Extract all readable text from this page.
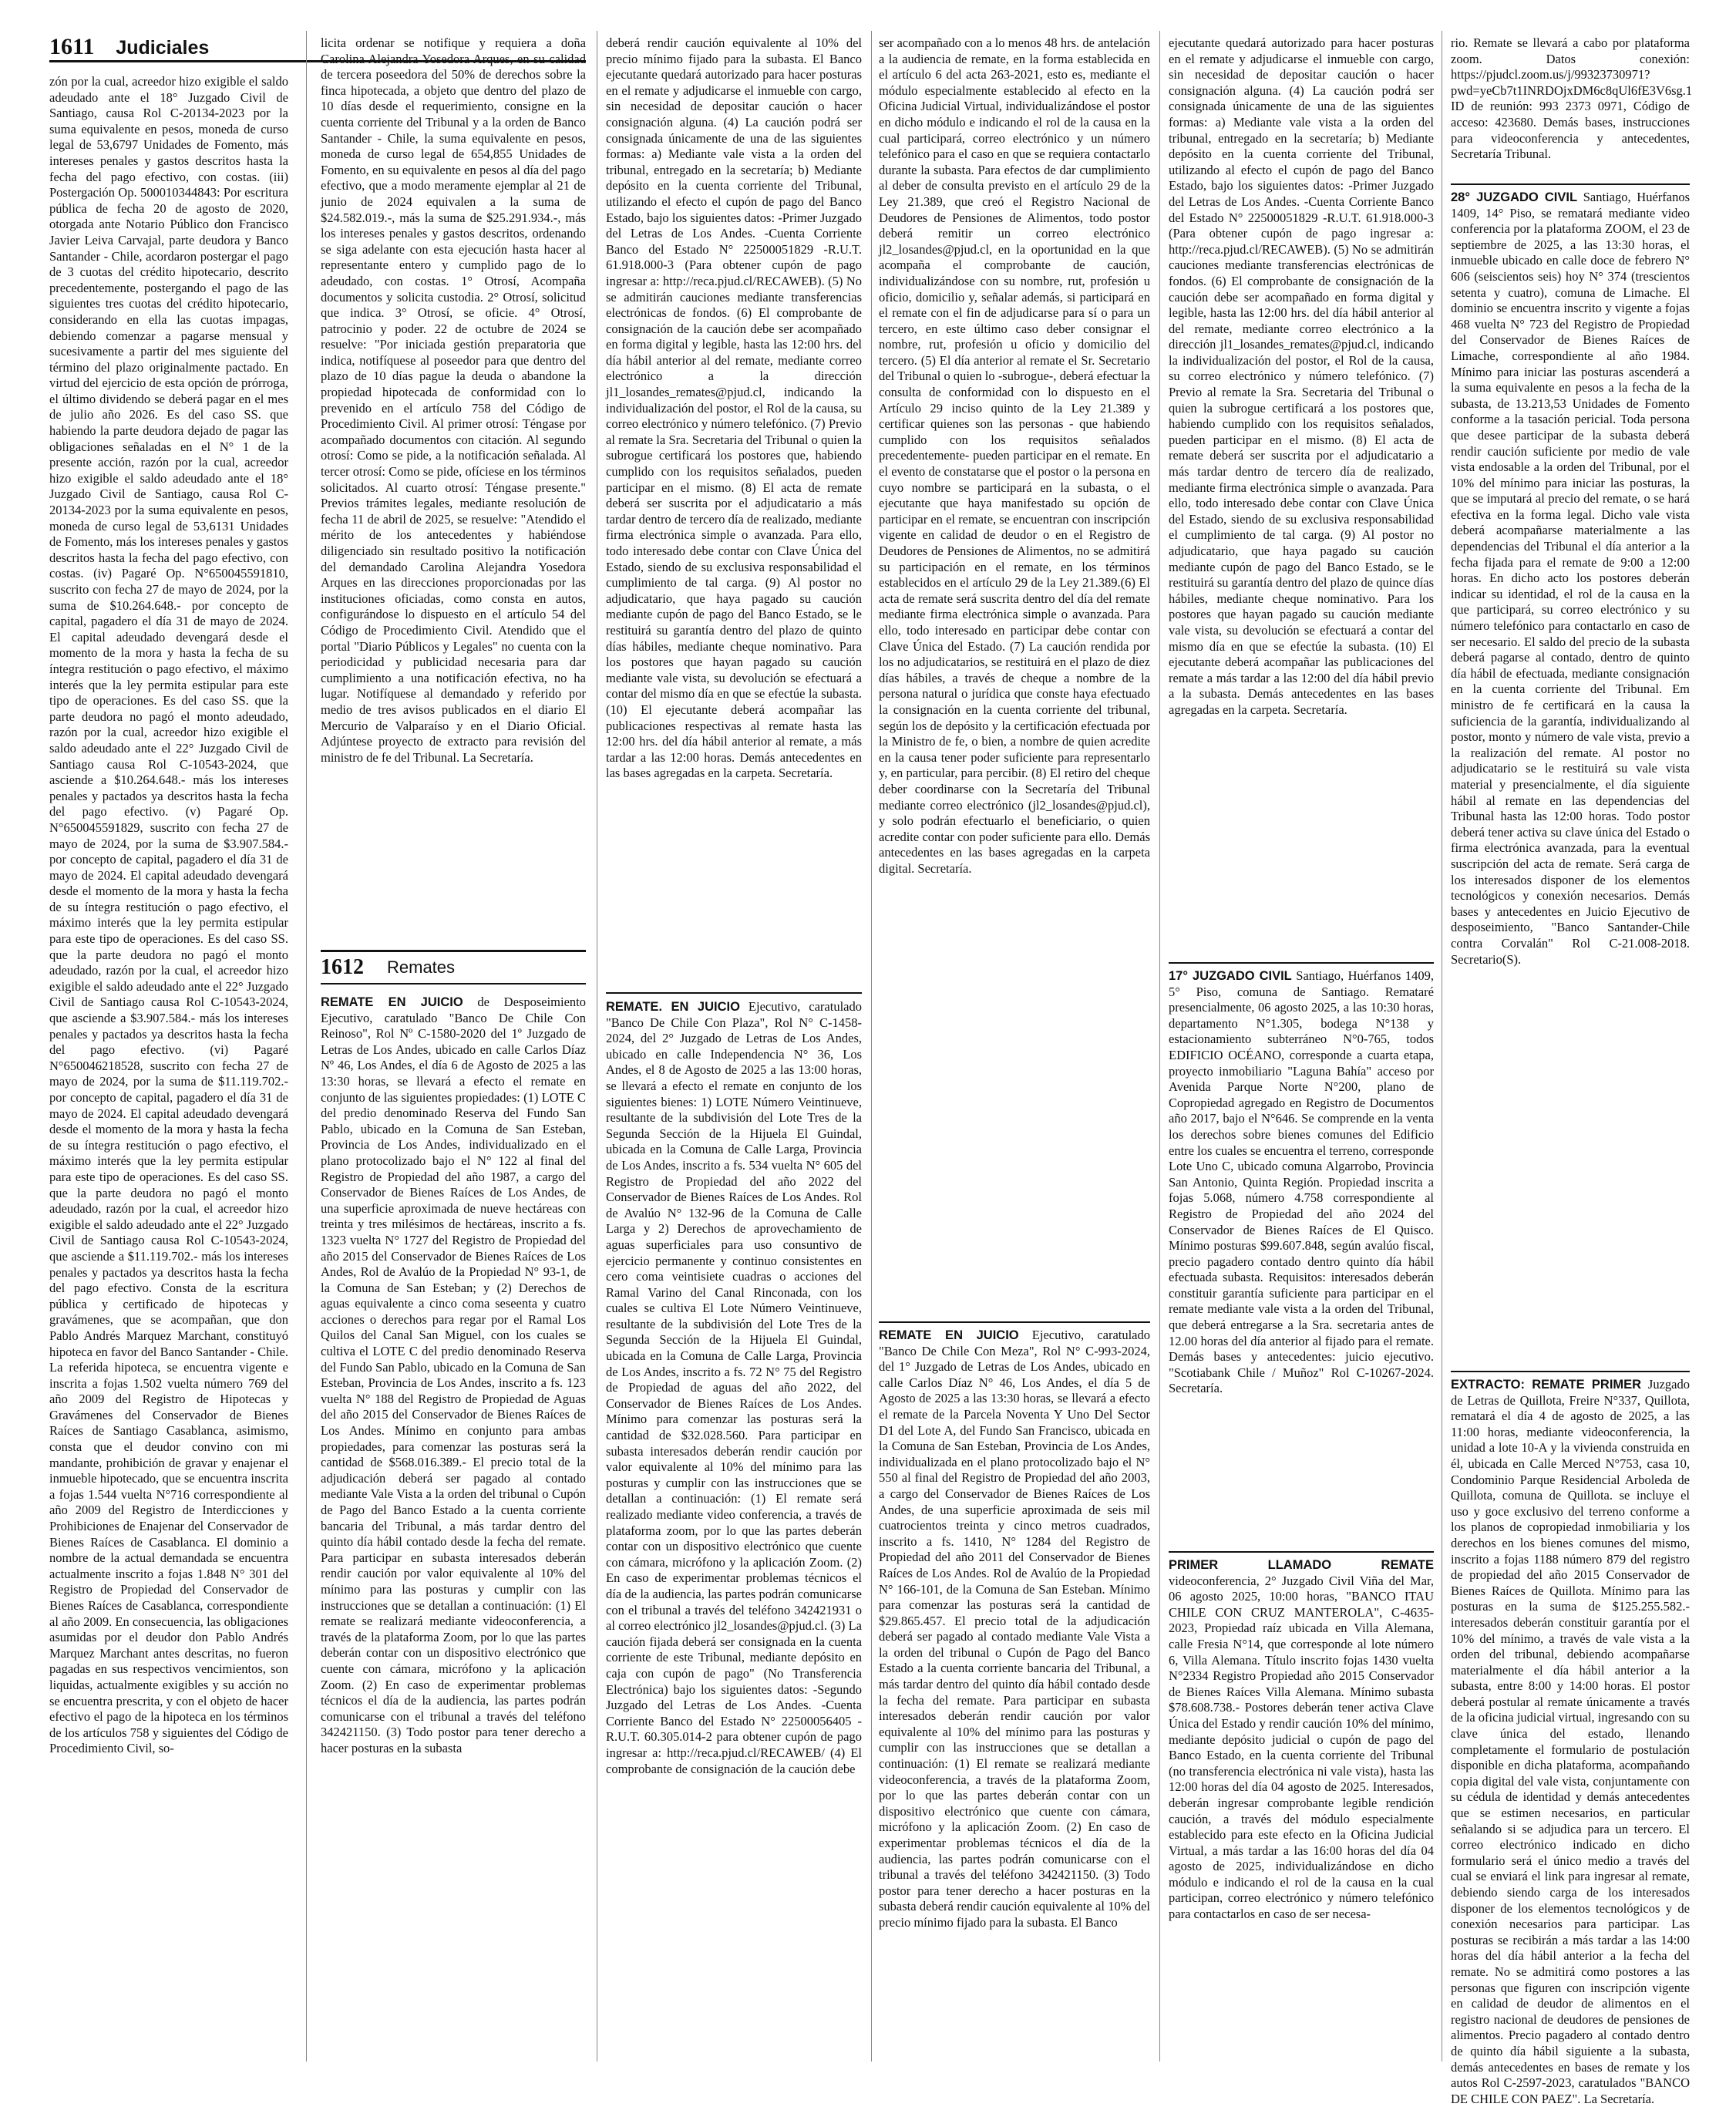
1611 Judiciales

zón por la cual, acreedor hizo exigible el saldo adeudado ante el 18° Juzgado Civil de Santiago, causa Rol C-20134-2023 por la suma equivalente en pesos, moneda de curso legal de 53,6797 Unidades de Fomento, más intereses penales y gastos descritos hasta la fecha del pago efectivo, con costas. (iii) Postergación Op. 500010344843: Por escritura pública de fecha 20 de agosto de 2020, otorgada ante Notario Público don Francisco Javier Leiva Carvajal, parte deudora y Banco Santander - Chile, acordaron postergar el pago de 3 cuotas del crédito hipotecario, descrito precedentemente, postergando el pago de las siguientes tres cuotas del crédito hipotecario, considerando en ella las cuotas impagas, debiendo comenzar a pagarse mensual y sucesivamente a partir del mes siguiente del término del plazo originalmente pactado. En virtud del ejercicio de esta opción de prórroga, el último dividendo se deberá pagar en el mes de julio año 2026. Es del caso SS. que habiendo la parte deudora dejado de pagar las obligaciones señaladas en el N° 1 de la presente acción, razón por la cual, acreedor hizo exigible el saldo adeudado ante el 18° Juzgado Civil de Santiago, causa Rol C-20134-2023 por la suma equivalente en pesos, moneda de curso legal de 53,6131 Unidades de Fomento, más los intereses penales y gastos descritos hasta la fecha del pago efectivo, con costas. (iv) Pagaré Op. N°650045591810, suscrito con fecha 27 de mayo de 2024, por la suma de $10.264.648.- por concepto de capital, pagadero el día 31 de mayo de 2024. El capital adeudado devengará desde el momento de la mora y hasta la fecha de su íntegra restitución o pago efectivo, el máximo interés que la ley permita estipular para este tipo de operaciones. Es del caso SS. que la parte deudora no pagó el monto adeudado, razón por la cual, acreedor hizo exigible el saldo adeudado ante el 22° Juzgado Civil de Santiago causa Rol C-10543-2024, que asciende a $10.264.648.- más los intereses penales y pactados ya descritos hasta la fecha del pago efectivo. (v) Pagaré Op. N°650045591829, suscrito con fecha 27 de mayo de 2024, por la suma de $3.907.584.- por concepto de capital, pagadero el día 31 de mayo de 2024. El capital adeudado devengará desde el momento de la mora y hasta la fecha de su íntegra restitución o pago efectivo, el máximo interés que la ley permita estipular para este tipo de operaciones. Es del caso SS. que la parte deudora no pagó el monto adeudado, razón por la cual, el acreedor hizo exigible el saldo adeudado ante el 22° Juzgado Civil de Santiago causa Rol C-10543-2024, que asciende a $3.907.584.- más los intereses penales y pactados ya descritos hasta la fecha del pago efectivo. (vi) Pagaré N°650046218528, suscrito con fecha 27 de mayo de 2024, por la suma de $11.119.702.- por concepto de capital, pagadero el día 31 de mayo de 2024. El capital adeudado devengará desde el momento de la mora y hasta la fecha de su íntegra restitución o pago efectivo, el máximo interés que la ley permita estipular para este tipo de operaciones. Es del caso SS. que la parte deudora no pagó el monto adeudado, razón por la cual, el acreedor hizo exigible el saldo adeudado ante el 22° Juzgado Civil de Santiago causa Rol C-10543-2024, que asciende a $11.119.702.- más los intereses penales y pactados ya descritos hasta la fecha del pago efectivo. Consta de la escritura pública y certificado de hipotecas y gravámenes, que se acompañan, que don Pablo Andrés Marquez Marchant, constituyó hipoteca en favor del Banco Santander - Chile. La referida hipoteca, se encuentra vigente e inscrita a fojas 1.502 vuelta número 769 del año 2009 del Registro de Hipotecas y Gravámenes del Conservador de Bienes Raíces de Santiago Casablanca, asimismo, consta que el deudor convino con mi mandante, prohibición de gravar y enajenar el inmueble hipotecado, que se encuentra inscrita a fojas 1.544 vuelta N°716 correspondiente al año 2009 del Registro de Interdicciones y Prohibiciones de Enajenar del Conservador de Bienes Raíces de Casablanca. El dominio a nombre de la actual demandada se encuentra actualmente inscrito a fojas 1.848 N° 301 del Registro de Propiedad del Conservador de Bienes Raíces de Casablanca, correspondiente al año 2009. En consecuencia, las obligaciones asumidas por el deudor don Pablo Andrés Marquez Marchant antes descritas, no fueron pagadas en sus respectivos vencimientos, son liquidas, actualmente exigibles y su acción no se encuentra prescrita, y con el objeto de hacer efectivo el pago de la hipoteca en los términos de los artículos 758 y siguientes del Código de Procedimiento Civil, so-

licita ordenar se notifique y requiera a doña Carolina Alejandra Yosedora Arques, en su calidad de tercera poseedora del 50% de derechos sobre la finca hipotecada, a objeto que dentro del plazo de 10 días desde el requerimiento, consigne en la cuenta corriente del Tribunal y a la orden de Banco Santander - Chile, la suma equivalente en pesos, moneda de curso legal de 654,855 Unidades de Fomento, en su equivalente en pesos al día del pago efectivo, que a modo meramente ejemplar al 21 de junio de 2024 equivalen a la suma de $24.582.019.-, más la suma de $25.291.934.-, más los intereses penales y gastos descritos, ordenando se siga adelante con esta ejecución hasta hacer al representante entero y cumplido pago de lo adeudado, con costas. 1° Otrosí, Acompaña documentos y solicita custodia. 2° Otrosí, solicitud que indica. 3° Otrosí, se oficie. 4° Otrosí, patrocinio y poder. 22 de octubre de 2024 se resuelve: "Por iniciada gestión preparatoria que indica, notifíquese al poseedor para que dentro del plazo de 10 días pague la deuda o abandone la propiedad hipotecada de conformidad con lo prevenido en el artículo 758 del Código de Procedimiento Civil. Al primer otrosí: Téngase por acompañado documentos con citación. Al segundo otrosí: Como se pide, a la notificación señalada. Al tercer otrosí: Como se pide, ofíciese en los términos solicitados. Al cuarto otrosí: Téngase presente." Previos trámites legales, mediante resolución de fecha 11 de abril de 2025, se resuelve: "Atendido el mérito de los antecedentes y habiéndose diligenciado sin resultado positivo la notificación del demandado Carolina Alejandra Yosedora Arques en las direcciones proporcionadas por las instituciones oficiadas, como consta en autos, configurándose lo dispuesto en el artículo 54 del Código de Procedimiento Civil. Atendido que el portal "Diario Públicos y Legales" no cuenta con la periodicidad y publicidad necesaria para dar cumplimiento a una notificación efectiva, no ha lugar. Notifíquese al demandado y referido por medio de tres avisos publicados en el diario El Mercurio de Valparaíso y en el Diario Oficial. Adjúntese proyecto de extracto para revisión del ministro de fe del Tribunal. La Secretaría.

1612 Remates

REMATE EN JUICIO de Desposeimiento Ejecutivo, caratulado "Banco De Chile Con Reinoso", Rol Nº C-1580-2020 del 1º Juzgado de Letras de Los Andes, ubicado en calle Carlos Díaz Nº 46, Los Andes, el día 6 de Agosto de 2025 a las 13:30 horas, se llevará a efecto el remate en conjunto de las siguientes propiedades: (1) LOTE C del predio denominado Reserva del Fundo San Pablo, ubicado en la Comuna de San Esteban, Provincia de Los Andes, individualizado en el plano protocolizado bajo el N° 122 al final del Registro de Propiedad del año 1987, a cargo del Conservador de Bienes Raíces de Los Andes, de una superficie aproximada de nueve hectáreas con treinta y tres milésimos de hectáreas, inscrito a fs. 1323 vuelta N° 1727 del Registro de Propiedad del año 2015 del Conservador de Bienes Raíces de Los Andes, Rol de Avalúo de la Propiedad N° 93-1, de la Comuna de San Esteban; y (2) Derechos de aguas equivalente a cinco coma seseenta y cuatro acciones o derechos para regar por el Ramal Los Quilos del Canal San Miguel, con los cuales se cultiva el LOTE C del predio denominado Reserva del Fundo San Pablo, ubicado en la Comuna de San Esteban, Provincia de Los Andes, inscrito a fs. 123 vuelta N° 188 del Registro de Propiedad de Aguas del año 2015 del Conservador de Bienes Raíces de Los Andes. Mínimo en conjunto para ambas propiedades, para comenzar las posturas será la cantidad de $568.016.389.- El precio total de la adjudicación deberá ser pagado al contado mediante Vale Vista a la orden del tribunal o Cupón de Pago del Banco Estado a la cuenta corriente bancaria del Tribunal, a más tardar dentro del quinto día hábil contado desde la fecha del remate. Para participar en subasta interesados deberán rendir caución por valor equivalente al 10% del mínimo para las posturas y cumplir con las instrucciones que se detallan a continuación: (1) El remate se realizará mediante videoconferencia, a través de la plataforma Zoom, por lo que las partes deberán contar con un dispositivo electrónico que cuente con cámara, micrófono y la aplicación Zoom. (2) En caso de experimentar problemas técnicos el día de la audiencia, las partes podrán comunicarse con el tribunal a través del teléfono 342421150. (3) Todo postor para tener derecho a hacer posturas en la subasta

deberá rendir caución equivalente al 10% del precio mínimo fijado para la subasta. El Banco ejecutante quedará autorizado para hacer posturas en el remate y adjudicarse el inmueble con cargo, sin necesidad de depositar caución o hacer consignación alguna. (4) La caución podrá ser consignada únicamente de una de las siguientes formas: a) Mediante vale vista a la orden del tribunal, entregado en la secretaría; b) Mediante depósito en la cuenta corriente del Tribunal, utilizando el efecto el cupón de pago del Banco Estado, bajo los siguientes datos: -Primer Juzgado del Letras de Los Andes. -Cuenta Corriente Banco del Estado N° 22500051829 -R.U.T. 61.918.000-3 (Para obtener cupón de pago ingresar a: http://reca.pjud.cl/RECAWEB). (5) No se admitirán cauciones mediante transferencias electrónicas de fondos. (6) El comprobante de consignación de la caución debe ser acompañado en forma digital y legible, hasta las 12:00 hrs. del día hábil anterior al del remate, mediante correo electrónico a la dirección jl1_losandes_remates@pjud.cl, indicando la individualización del postor, el Rol de la causa, su correo electrónico y número telefónico. (7) Previo al remate la Sra. Secretaria del Tribunal o quien la subrogue certificará los postores que, habiendo cumplido con los requisitos señalados, pueden participar en el mismo. (8) El acta de remate deberá ser suscrita por el adjudicatario a más tardar dentro de tercero día de realizado, mediante firma electrónica simple o avanzada. Para ello, todo interesado debe contar con Clave Única del Estado, siendo de su exclusiva responsabilidad el cumplimiento de tal carga. (9) Al postor no adjudicatario, que haya pagado su caución mediante cupón de pago del Banco Estado, se le restituirá su garantía dentro del plazo de quinto días hábiles, mediante cheque nominativo. Para los postores que hayan pagado su caución mediante vale vista, su devolución se efectuará a contar del mismo día en que se efectúe la subasta. (10) El ejecutante deberá acompañar las publicaciones respectivas al remate hasta las 12:00 hrs. del día hábil anterior al remate, a más tardar a las 12:00 horas. Demás antecedentes en las bases agregadas en la carpeta. Secretaría.

REMATE. EN JUICIO Ejecutivo, caratulado "Banco De Chile Con Plaza", Rol N° C-1458-2024, del 2° Juzgado de Letras de Los Andes, ubicado en calle Independencia N° 36, Los Andes, el 8 de Agosto de 2025 a las 13:00 horas, se llevará a efecto el remate en conjunto de los siguientes bienes: 1) LOTE Número Veintinueve, resultante de la subdivisión del Lote Tres de la Segunda Sección de la Hijuela El Guindal, ubicada en la Comuna de Calle Larga, Provincia de Los Andes, inscrito a fs. 534 vuelta N° 605 del Registro de Propiedad del año 2022 del Conservador de Bienes Raíces de Los Andes. Rol de Avalúo N° 132-96 de la Comuna de Calle Larga y 2) Derechos de aprovechamiento de aguas superficiales para uso consuntivo de ejercicio permanente y continuo consistentes en cero coma veintisiete cuadras o acciones del Ramal Varino del Canal Rinconada, con los cuales se cultiva El Lote Número Veintinueve, resultante de la subdivisión del Lote Tres de la Segunda Sección de la Hijuela El Guindal, ubicada en la Comuna de Calle Larga, Provincia de Los Andes, inscrito a fs. 72 N° 75 del Registro de Propiedad de aguas del año 2022, del Conservador de Bienes Raíces de Los Andes. Mínimo para comenzar las posturas será la cantidad de $32.028.560. Para participar en subasta interesados deberán rendir caución por valor equivalente al 10% del mínimo para las posturas y cumplir con las instrucciones que se detallan a continuación: (1) El remate será realizado mediante video conferencia, a través de plataforma zoom, por lo que las partes deberán contar con un dispositivo electrónico que cuente con cámara, micrófono y la aplicación Zoom. (2) En caso de experimentar problemas técnicos el día de la audiencia, las partes podrán comunicarse con el tribunal a través del teléfono 342421931 o al correo electrónico jl2_losandes@pjud.cl. (3) La caución fijada deberá ser consignada en la cuenta corriente de este Tribunal, mediante depósito en caja con cupón de pago" (No Transferencia Electrónica) bajo los siguientes datos: -Segundo Juzgado del Letras de Los Andes. -Cuenta Corriente Banco del Estado N° 22500056405 - R.U.T. 60.305.014-2 para obtener cupón de pago ingresar a: http://reca.pjud.cl/RECAWEB/ (4) El comprobante de consignación de la caución debe

ser acompañado con a lo menos 48 hrs. de antelación a la audiencia de remate, en la forma establecida en el artículo 6 del acta 263-2021, esto es, mediante el módulo especialmente establecido al efecto en la Oficina Judicial Virtual, individualizándose el postor en dicho módulo e indicando el rol de la causa en la cual participará, correo electrónico y un número telefónico para el caso en que se requiera contactarlo durante la subasta. Para efectos de dar cumplimiento al deber de consulta previsto en el artículo 29 de la Ley 21.389, que creó el Registro Nacional de Deudores de Pensiones de Alimentos, todo postor deberá remitir un correo electrónico jl2_losandes@pjud.cl, en la oportunidad en la que acompaña el comprobante de caución, individualizándose con su nombre, rut, profesión u oficio, domicilio y, señalar además, si participará en el remate con el fin de adjudicarse para sí o para un tercero, en este último caso deber consignar el nombre, rut, profesión u oficio y domicilio del tercero. (5) El día anterior al remate el Sr. Secretario del Tribunal o quien lo -subrogue-, deberá efectuar la consulta de conformidad con lo dispuesto en el Artículo 29 inciso quinto de la Ley 21.389 y certificar quienes son las personas - que habiendo cumplido con los requisitos señalados precedentemente- pueden participar en el remate. En el evento de constatarse que el postor o la persona en cuyo nombre se participará en la subasta, o el ejecutante que haya manifestado su opción de participar en el remate, se encuentran con inscripción vigente en calidad de deudor o en el Registro de Deudores de Pensiones de Alimentos, no se admitirá su participación en el remate, en los términos establecidos en el artículo 29 de la Ley 21.389.(6) El acta de remate será suscrita dentro del día del remate mediante firma electrónica simple o avanzada. Para ello, todo interesado en participar debe contar con Clave Única del Estado. (7) La caución rendida por los no adjudicatarios, se restituirá en el plazo de diez días hábiles, a través de cheque a nombre de la persona natural o jurídica que conste haya efectuado la consignación en la cuenta corriente del tribunal, según los de depósito y la certificación efectuada por la Ministro de fe, o bien, a nombre de quien acredite en la causa tener poder suficiente para representarlo y, en particular, para percibir. (8) El retiro del cheque deber coordinarse con la Secretaría del Tribunal mediante correo electrónico (jl2_losandes@pjud.cl), y solo podrán efectuarlo el beneficiario, o quien acredite contar con poder suficiente para ello. Demás antecedentes en las bases agregadas en la carpeta digital. Secretaría.

REMATE EN JUICIO Ejecutivo, caratulado "Banco De Chile Con Meza", Rol N° C-993-2024, del 1° Juzgado de Letras de Los Andes, ubicado en calle Carlos Díaz N° 46, Los Andes, el día 5 de Agosto de 2025 a las 13:30 horas, se llevará a efecto el remate de la Parcela Noventa Y Uno Del Sector D1 del Lote A, del Fundo San Francisco, ubicada en la Comuna de San Esteban, Provincia de Los Andes, individualizada en el plano protocolizado bajo el N° 550 al final del Registro de Propiedad del año 2003, a cargo del Conservador de Bienes Raíces de Los Andes, de una superficie aproximada de seis mil cuatrocientos treinta y cinco metros cuadrados, inscrito a fs. 1410, N° 1284 del Registro de Propiedad del año 2011 del Conservador de Bienes Raíces de Los Andes. Rol de Avalúo de la Propiedad N° 166-101, de la Comuna de San Esteban. Mínimo para comenzar las posturas será la cantidad de $29.865.457. El precio total de la adjudicación deberá ser pagado al contado mediante Vale Vista a la orden del tribunal o Cupón de Pago del Banco Estado a la cuenta corriente bancaria del Tribunal, a más tardar dentro del quinto día hábil contado desde la fecha del remate. Para participar en subasta interesados deberán rendir caución por valor equivalente al 10% del mínimo para las posturas y cumplir con las instrucciones que se detallan a continuación: (1) El remate se realizará mediante videoconferencia, a través de la plataforma Zoom, por lo que las partes deberán contar con un dispositivo electrónico que cuente con cámara, micrófono y la aplicación Zoom. (2) En caso de experimentar problemas técnicos el día de la audiencia, las partes podrán comunicarse con el tribunal a través del teléfono 342421150. (3) Todo postor para tener derecho a hacer posturas en la subasta deberá rendir caución equivalente al 10% del precio mínimo fijado para la subasta. El Banco

ejecutante quedará autorizado para hacer posturas en el remate y adjudicarse el inmueble con cargo, sin necesidad de depositar caución o hacer consignación alguna. (4) La caución podrá ser consignada únicamente de una de las siguientes formas: a) Mediante vale vista a la orden del tribunal, entregado en la secretaría; b) Mediante depósito en la cuenta corriente del Tribunal, utilizando al efecto el cupón de pago del Banco Estado, bajo los siguientes datos: -Primer Juzgado del Letras de Los Andes. -Cuenta Corriente Banco del Estado N° 22500051829 -R.U.T. 61.918.000-3 (Para obtener cupón de pago ingresar a: http://reca.pjud.cl/RECAWEB). (5) No se admitirán cauciones mediante transferencias electrónicas de fondos. (6) El comprobante de consignación de la caución debe ser acompañado en forma digital y legible, hasta las 12:00 hrs. del día hábil anterior al del remate, mediante correo electrónico a la dirección jl1_losandes_remates@pjud.cl, indicando la individualización del postor, el Rol de la causa, su correo electrónico y número telefónico. (7) Previo al remate la Sra. Secretaria del Tribunal o quien la subrogue certificará a los postores que, habiendo cumplido con los requisitos señalados, pueden participar en el mismo. (8) El acta de remate deberá ser suscrita por el adjudicatario a más tardar dentro de tercero día de realizado, mediante firma electrónica simple o avanzada. Para ello, todo interesado debe contar con Clave Única del Estado, siendo de su exclusiva responsabilidad el cumplimiento de tal carga. (9) Al postor no adjudicatario, que haya pagado su caución mediante cupón de pago del Banco Estado, se le restituirá su garantía dentro del plazo de quince días hábiles, mediante cheque nominativo. Para los postores que hayan pagado su caución mediante vale vista, su devolución se efectuará a contar del mismo día en que se efectúe la subasta. (10) El ejecutante deberá acompañar las publicaciones del remate a más tardar a las 12:00 del día hábil previo a la subasta. Demás antecedentes en las bases agregadas en la carpeta. Secretaría.

17° JUZGADO CIVIL Santiago, Huérfanos 1409, 5° Piso, comuna de Santiago. Remataré presencialmente, 06 agosto 2025, a las 10:30 horas, departamento N°1.305, bodega N°138 y estacionamiento subterráneo N°0-765, todos EDIFICIO OCÉANO, corresponde a cuarta etapa, proyecto inmobiliario "Laguna Bahía" acceso por Avenida Parque Norte N°200, plano de Copropiedad agregado en Registro de Documentos año 2017, bajo el N°646. Se comprende en la venta los derechos sobre bienes comunes del Edificio entre los cuales se encuentra el terreno, corresponde Lote Uno C, ubicado comuna Algarrobo, Provincia San Antonio, Quinta Región. Propiedad inscrita a fojas 5.068, número 4.758 correspondiente al Registro de Propiedad del año 2024 del Conservador de Bienes Raíces de El Quisco. Mínimo posturas $99.607.848, según avalúo fiscal, precio pagadero contado dentro quinto día hábil efectuada subasta. Requisitos: interesados deberán constituir garantía suficiente para participar en el remate mediante vale vista a la orden del Tribunal, que deberá entregarse a la Sra. secretaria antes de 12.00 horas del día anterior al fijado para el remate. Demás bases y antecedentes: juicio ejecutivo. "Scotiabank Chile / Muñoz" Rol C-10267-2024. Secretaría.

PRIMER LLAMADO REMATE videoconferencia, 2° Juzgado Civil Viña del Mar, 06 agosto 2025, 10:00 horas, "BANCO ITAU CHILE CON CRUZ MANTEROLA", C-4635-2023, Propiedad raíz ubicada en Villa Alemana, calle Fresia N°14, que corresponde al lote número 6, Villa Alemana. Título inscrito fojas 1430 vuelta N°2334 Registro Propiedad año 2015 Conservador de Bienes Raíces Villa Alemana. Mínimo subasta $78.608.738.- Postores deberán tener activa Clave Única del Estado y rendir caución 10% del mínimo, mediante depósito judicial o cupón de pago del Banco Estado, en la cuenta corriente del Tribunal (no transferencia electrónica ni vale vista), hasta las 12:00 horas del día 04 agosto de 2025. Interesados, deberán ingresar comprobante legible rendición caución, a través del módulo especialmente establecido para este efecto en la Oficina Judicial Virtual, a más tardar a las 16:00 horas del día 04 agosto de 2025, individualizándose en dicho módulo e indicando el rol de la causa en la cual participan, correo electrónico y número telefónico para contactarlos en caso de ser necesa-

rio. Remate se llevará a cabo por plataforma zoom. Datos conexión: https://pjudcl.zoom.us/j/99323730971?pwd=yeCb7t1INRDOjxDM6c8qUl6fE3V6sg.1 ID de reunión: 993 2373 0971, Código de acceso: 423680. Demás bases, instrucciones para videoconferencia y antecedentes, Secretaría Tribunal.

28° JUZGADO CIVIL Santiago, Huérfanos 1409, 14° Piso, se rematará mediante video conferencia por la plataforma ZOOM, el 23 de septiembre de 2025, a las 13:30 horas, el inmueble ubicado en calle doce de febrero N° 606 (seiscientos seis) hoy N° 374 (trescientos setenta y cuatro), comuna de Limache. El dominio se encuentra inscrito y vigente a fojas 468 vuelta N° 723 del Registro de Propiedad del Conservador de Bienes Raíces de Limache, correspondiente al año 1984. Mínimo para iniciar las posturas ascenderá a la suma equivalente en pesos a la fecha de la subasta, de 13.213,53 Unidades de Fomento conforme a la tasación pericial. Toda persona que desee participar de la subasta deberá rendir caución suficiente por medio de vale vista endosable a la orden del Tribunal, por el 10% del mínimo para iniciar las posturas, la que se imputará al precio del remate, o se hará efectiva en la forma legal. Dicho vale vista deberá acompañarse materialmente a las dependencias del Tribunal el día anterior a la fecha fijada para el remate de 9:00 a 12:00 horas. En dicho acto los postores deberán indicar su identidad, el rol de la causa en la que participará, su correo electrónico y su número telefónico para contactarlo en caso de ser necesario. El saldo del precio de la subasta deberá pagarse al contado, dentro de quinto día hábil de efectuada, mediante consignación en la cuenta corriente del Tribunal. Em ministro de fe certificará en la causa la suficiencia de la garantía, individualizando al postor, monto y número de vale vista, previo a la realización del remate. Al postor no adjudicatario se le restituirá su vale vista material y presencialmente, el día siguiente hábil al remate en las dependencias del Tribunal hasta las 12:00 horas. Todo postor deberá tener activa su clave única del Estado o firma electrónica avanzada, para la eventual suscripción del acta de remate. Será carga de los interesados disponer de los elementos tecnológicos y conexión necesarios. Demás bases y antecedentes en Juicio Ejecutivo de desposeimiento, "Banco Santander-Chile contra Corvalán" Rol C-21.008-2018. Secretario(S).

EXTRACTO: REMATE PRIMER Juzgado de Letras de Quillota, Freire N°337, Quillota, rematará el día 4 de agosto de 2025, a las 11:00 horas, mediante videoconferencia, la unidad a lote 10-A y la vivienda construida en él, ubicada en Calle Merced N°753, casa 10, Condominio Parque Residencial Arboleda de Quillota, comuna de Quillota. se incluye el uso y goce exclusivo del terreno conforme a los planos de copropiedad inmobiliaria y los derechos en los bienes comunes del mismo, inscrito a fojas 1188 número 879 del registro de propiedad del año 2015 Conservador de Bienes Raíces de Quillota. Mínimo para las posturas en la suma de $125.255.582.- interesados deberán constituir garantía por el 10% del mínimo, a través de vale vista a la orden del tribunal, debiendo acompañarse materialmente el día hábil anterior a la subasta, entre 8:00 y 14:00 horas. El postor deberá postular al remate únicamente a través de la oficina judicial virtual, ingresando con su clave única del estado, llenando completamente el formulario de postulación disponible en dicha plataforma, acompañando copia digital del vale vista, conjuntamente con su cédula de identidad y demás antecedentes que se estimen necesarios, en particular señalando si se adjudica para un tercero. El correo electrónico indicado en dicho formulario será el único medio a través del cual se enviará el link para ingresar al remate, debiendo siendo carga de los interesados disponer de los elementos tecnológicos y de conexión necesarios para participar. Las posturas se recibirán a más tardar a las 14:00 horas del día hábil anterior a la fecha del remate. No se admitirá como postores a las personas que figuren con inscripción vigente en calidad de deudor de alimentos en el registro nacional de deudores de pensiones de alimentos. Precio pagadero al contado dentro de quinto día hábil siguiente a la subasta, demás antecedentes en bases de remate y los autos Rol C-2597-2023, caratulados "BANCO DE CHILE CON PAEZ". La Secretaría.
